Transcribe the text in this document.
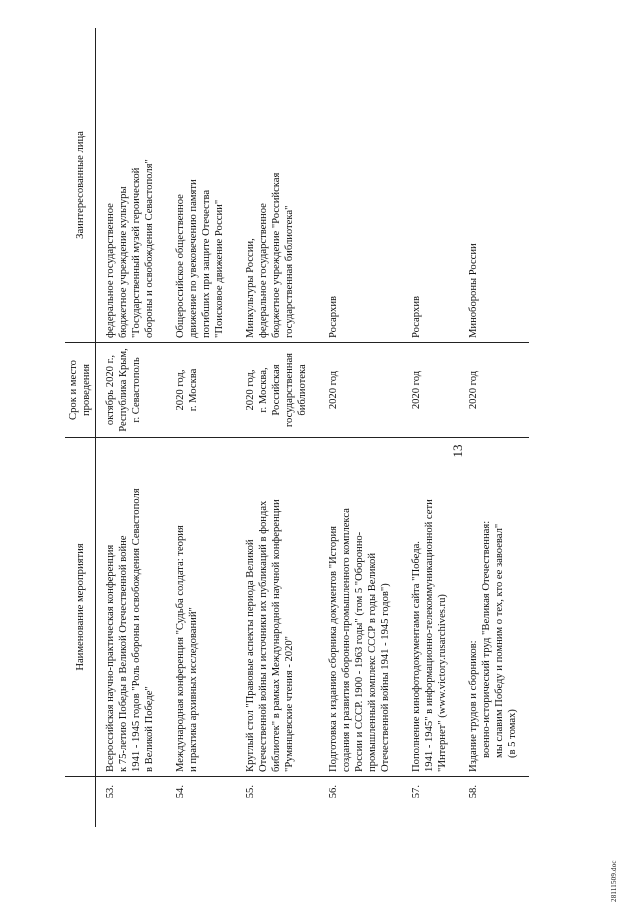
13
	Наименование мероприятия	Срок и место проведения	Заинтересованные лица
53.	Всероссийская научно-практическая конференция к 75-летию Победы в Великой Отечественной войне 1941 - 1945 годов "Роль обороны и освобождения Севастополя в Великой Победе"	октябрь 2020 г., Республика Крым, г. Севастополь	федеральное государственное бюджетное учреждение культуры "Государственный музей героической обороны и освобождения Севастополя"

54.	Международная конференция "Судьба солдата: теория и практика архивных исследований"	2020 год, г. Москва	Общероссийское общественное движение по увековечению памяти погибших при защите Отечества "Поисковое движение России"

55.	Круглый стол "Правовые аспекты периода Великой Отечественной войны и источники их публикаций в фондах библиотек" в рамках Международной научной конференции "Румянцевские чтения - 2020"	2020 год, г. Москва, Российская государственная библиотека	Минкультуры России, федеральное государственное бюджетное учреждение "Российская государственная библиотека"

56.	Подготовка к изданию сборника документов "История создания и развития оборонно-промышленного комплекса России и СССР. 1900 - 1963 годы" (том 5 "Оборонно- промышленный комплекс СССР в годы Великой Отечественной войны 1941 - 1945 годов")	2020 год	Росархив

57.	Пополнение кинофотодокументами сайта "Победа. 1941 - 1945" в информационно-телекоммуникационной сети "Интернет" (www.victory.rusarchives.ru)	2020 год	Росархив

58.	Издание трудов и сборников: военно-исторический труд "Великая Отечественная: мы славим Победу и помним о тех, кто ее завоевал" (в 5 томах)	2020 год	Минобороны России
28111509.doc
